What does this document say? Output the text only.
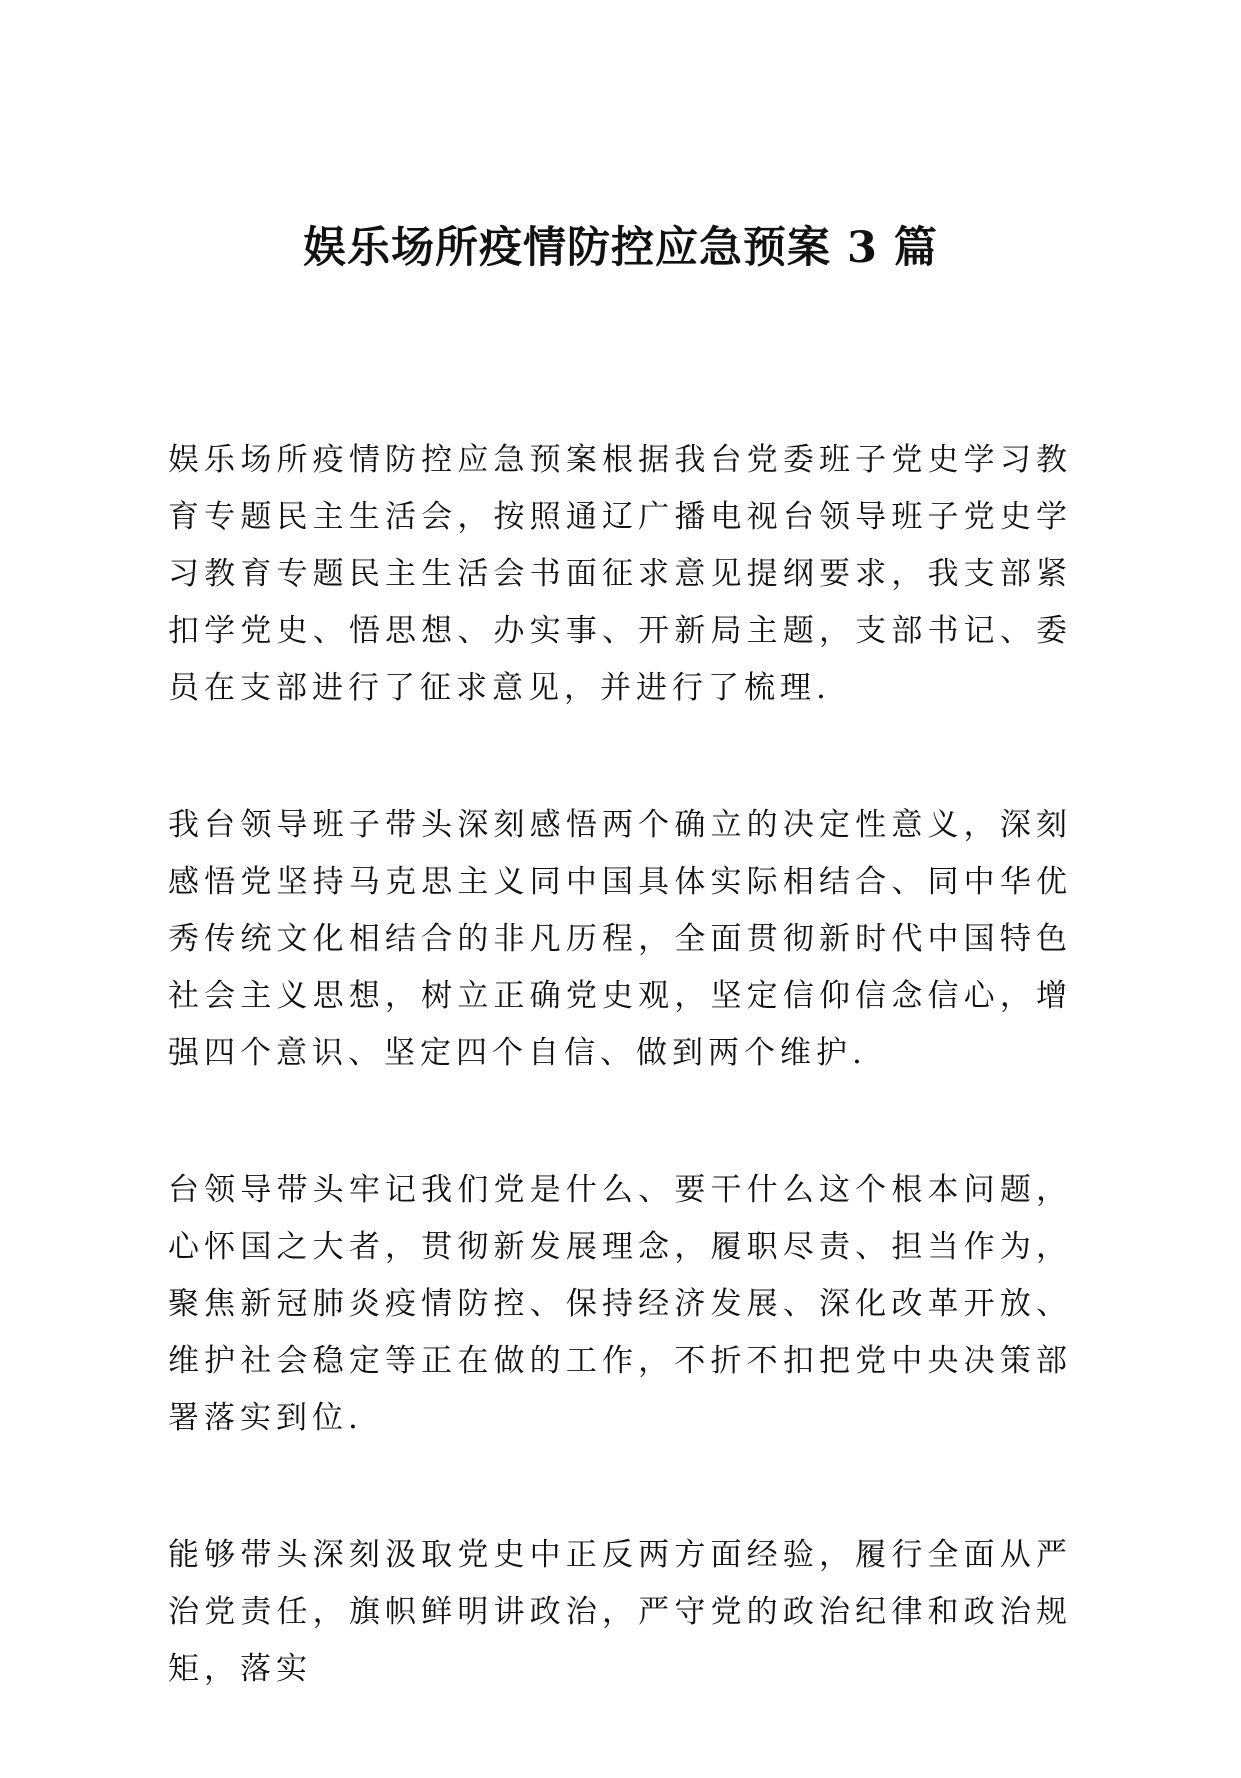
娱乐场所疫情防控应急预案 3 篇

娱乐场所疫情防控应急预案根据我台党委班子党史学习教育专题民主生活会，按照通辽广播电视台领导班子党史学习教育专题民主生活会书面征求意见提纲要求，我支部紧扣学党史、悟思想、办实事、开新局主题，支部书记、委员在支部进行了征求意见，并进行了梳理.

我台领导班子带头深刻感悟两个确立的决定性意义，深刻感悟党坚持马克思主义同中国具体实际相结合、同中华优秀传统文化相结合的非凡历程，全面贯彻新时代中国特色社会主义思想，树立正确党史观，坚定信仰信念信心，增强四个意识、坚定四个自信、做到两个维护.

台领导带头牢记我们党是什么、要干什么这个根本问题，心怀国之大者，贯彻新发展理念，履职尽责、担当作为，聚焦新冠肺炎疫情防控、保持经济发展、深化改革开放、维护社会稳定等正在做的工作，不折不扣把党中央决策部署落实到位.

能够带头深刻汲取党史中正反两方面经验，履行全面从严治党责任，旗帜鲜明讲政治，严守党的政治纪律和政治规矩，落实
